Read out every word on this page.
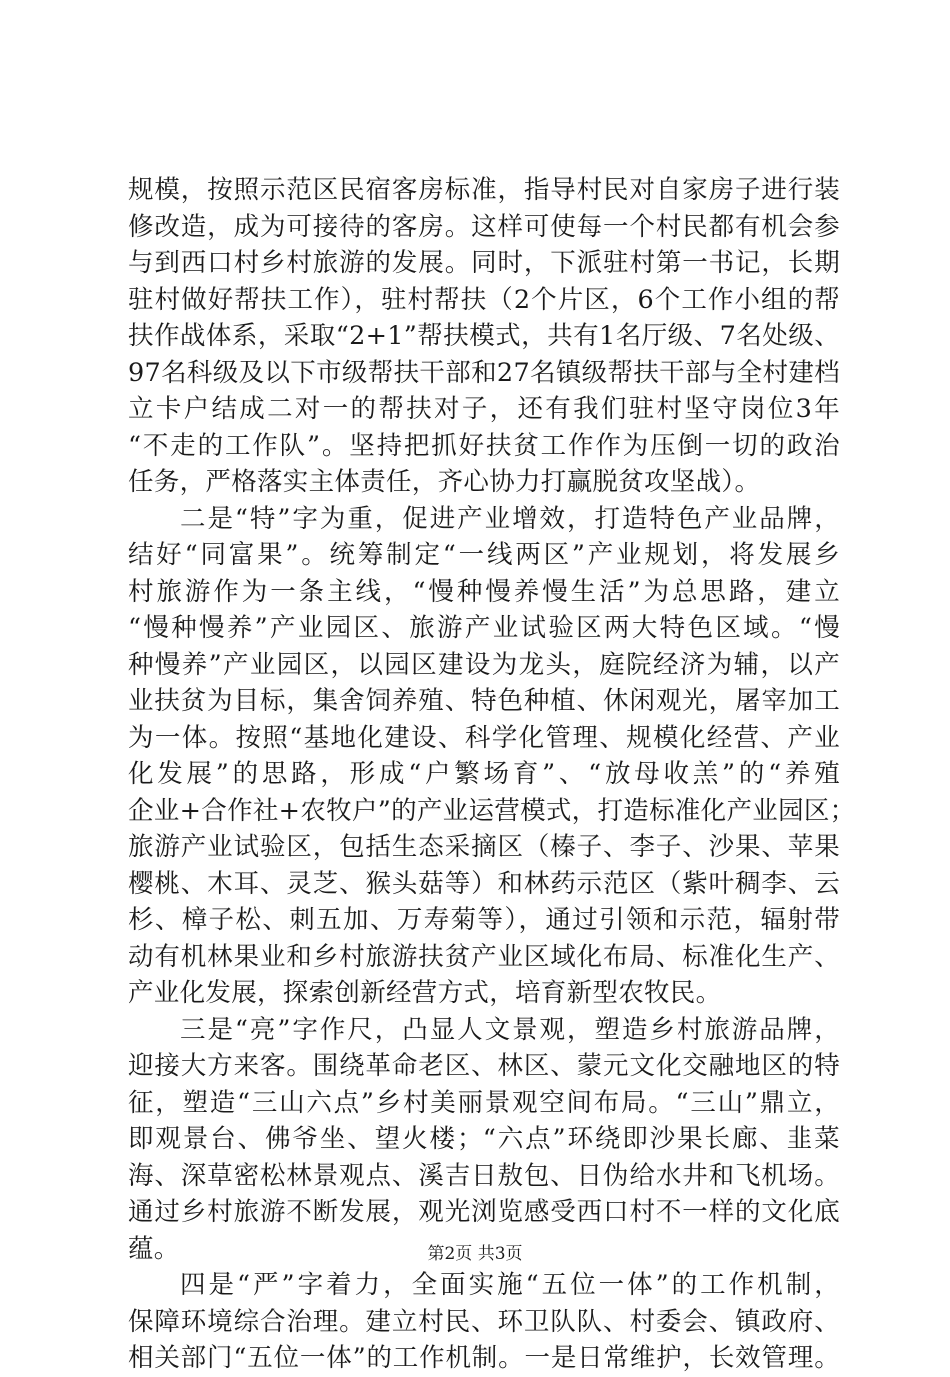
规模，按照示范区民宿客房标准，指导村民对自家房子进行装
修改造，成为可接待的客房。这样可使每一个村民都有机会参
与到西口村乡村旅游的发展。同时，下派驻村第一书记，长期
驻村做好帮扶工作），驻村帮扶（2个片区，6个工作小组的帮
扶作战体系，采取“2+1”帮扶模式，共有1名厅级、7名处级、
97名科级及以下市级帮扶干部和27名镇级帮扶干部与全村建档
立卡户结成二对一的帮扶对子，还有我们驻村坚守岗位3年
“不走的工作队”。坚持把抓好扶贫工作作为压倒一切的政治
任务，严格落实主体责任，齐心协力打赢脱贫攻坚战）。
二是“特”字为重，促进产业增效，打造特色产业品牌，
结好“同富果”。统筹制定“一线两区”产业规划，将发展乡
村旅游作为一条主线，“慢种慢养慢生活”为总思路，建立
“慢种慢养”产业园区、旅游产业试验区两大特色区域。“慢
种慢养”产业园区，以园区建设为龙头，庭院经济为辅，以产
业扶贫为目标，集舍饲养殖、特色种植、休闲观光，屠宰加工
为一体。按照“基地化建设、科学化管理、规模化经营、产业
化发展”的思路，形成“户繁场育”、“放母收羔”的“养殖
企业+合作社+农牧户”的产业运营模式，打造标准化产业园区；
旅游产业试验区，包括生态采摘区（榛子、李子、沙果、苹果
樱桃、木耳、灵芝、猴头菇等）和林药示范区（紫叶稠李、云
杉、樟子松、刺五加、万寿菊等），通过引领和示范，辐射带
动有机林果业和乡村旅游扶贫产业区域化布局、标准化生产、
产业化发展，探索创新经营方式，培育新型农牧民。
三是“亮”字作尺，凸显人文景观，塑造乡村旅游品牌，
迎接大方来客。围绕革命老区、林区、蒙元文化交融地区的特
征，塑造“三山六点”乡村美丽景观空间布局。“三山”鼎立，
即观景台、佛爷坐、望火楼；“六点”环绕即沙果长廊、韭菜
海、深草密松林景观点、溪吉日敖包、日伪给水井和飞机场。
通过乡村旅游不断发展，观光浏览感受西口村不一样的文化底
蕴。
四是“严”字着力，全面实施“五位一体”的工作机制，
保障环境综合治理。建立村民、环卫队队、村委会、镇政府、
相关部门“五位一体”的工作机制。一是日常维护，长效管理。
第2页 共3页
